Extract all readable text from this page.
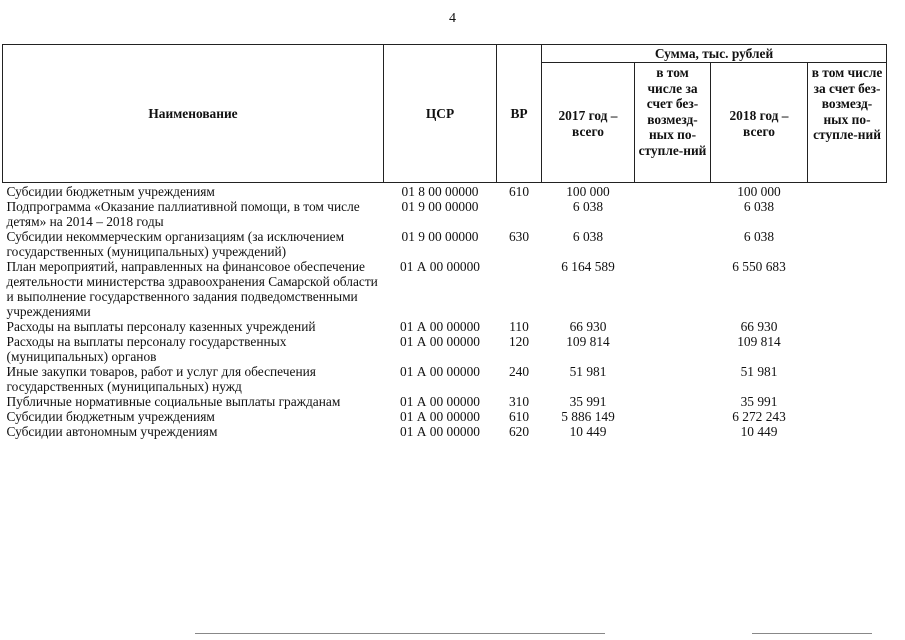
4
Наименование	ЦСР	ВР	Сумма, тыс. рублей			
			2017 год – всего	в том числе за счет без-возмезд-ных по-ступле-ний	2018 год – всего	в том числе за счет без-возмезд-ных по-ступле-ний
Субсидии бюджетным учреждениям	01 8 00 00000	610	100 000		100 000	
Подпрограмма «Оказание паллиативной помощи, в том числе детям» на 2014 – 2018 годы	01 9 00 00000		6 038		6 038	
Субсидии некоммерческим организациям (за исключением государственных (муниципальных) учреждений)	01 9 00 00000	630	6 038		6 038	
План мероприятий, направленных на финансовое обеспечение деятельности министерства здравоохранения Самарской области и выполнение государственного задания подведомственными учреждениями	01 А 00 00000		6 164 589		6 550 683	
Расходы на выплаты персоналу казенных учреждений	01 А 00 00000	110	66 930		66 930	
Расходы на выплаты персоналу государственных (муниципальных) органов	01 А 00 00000	120	109 814		109 814	
Иные закупки товаров, работ и услуг для обеспечения государственных (муниципальных) нужд	01 А 00 00000	240	51 981		51 981	
Публичные нормативные социальные выплаты гражданам	01 А 00 00000	310	35 991		35 991	
Субсидии бюджетным учреждениям	01 А 00 00000	610	5 886 149		6 272 243	
Субсидии автономным учреждениям	01 А 00 00000	620	10 449		10 449	
